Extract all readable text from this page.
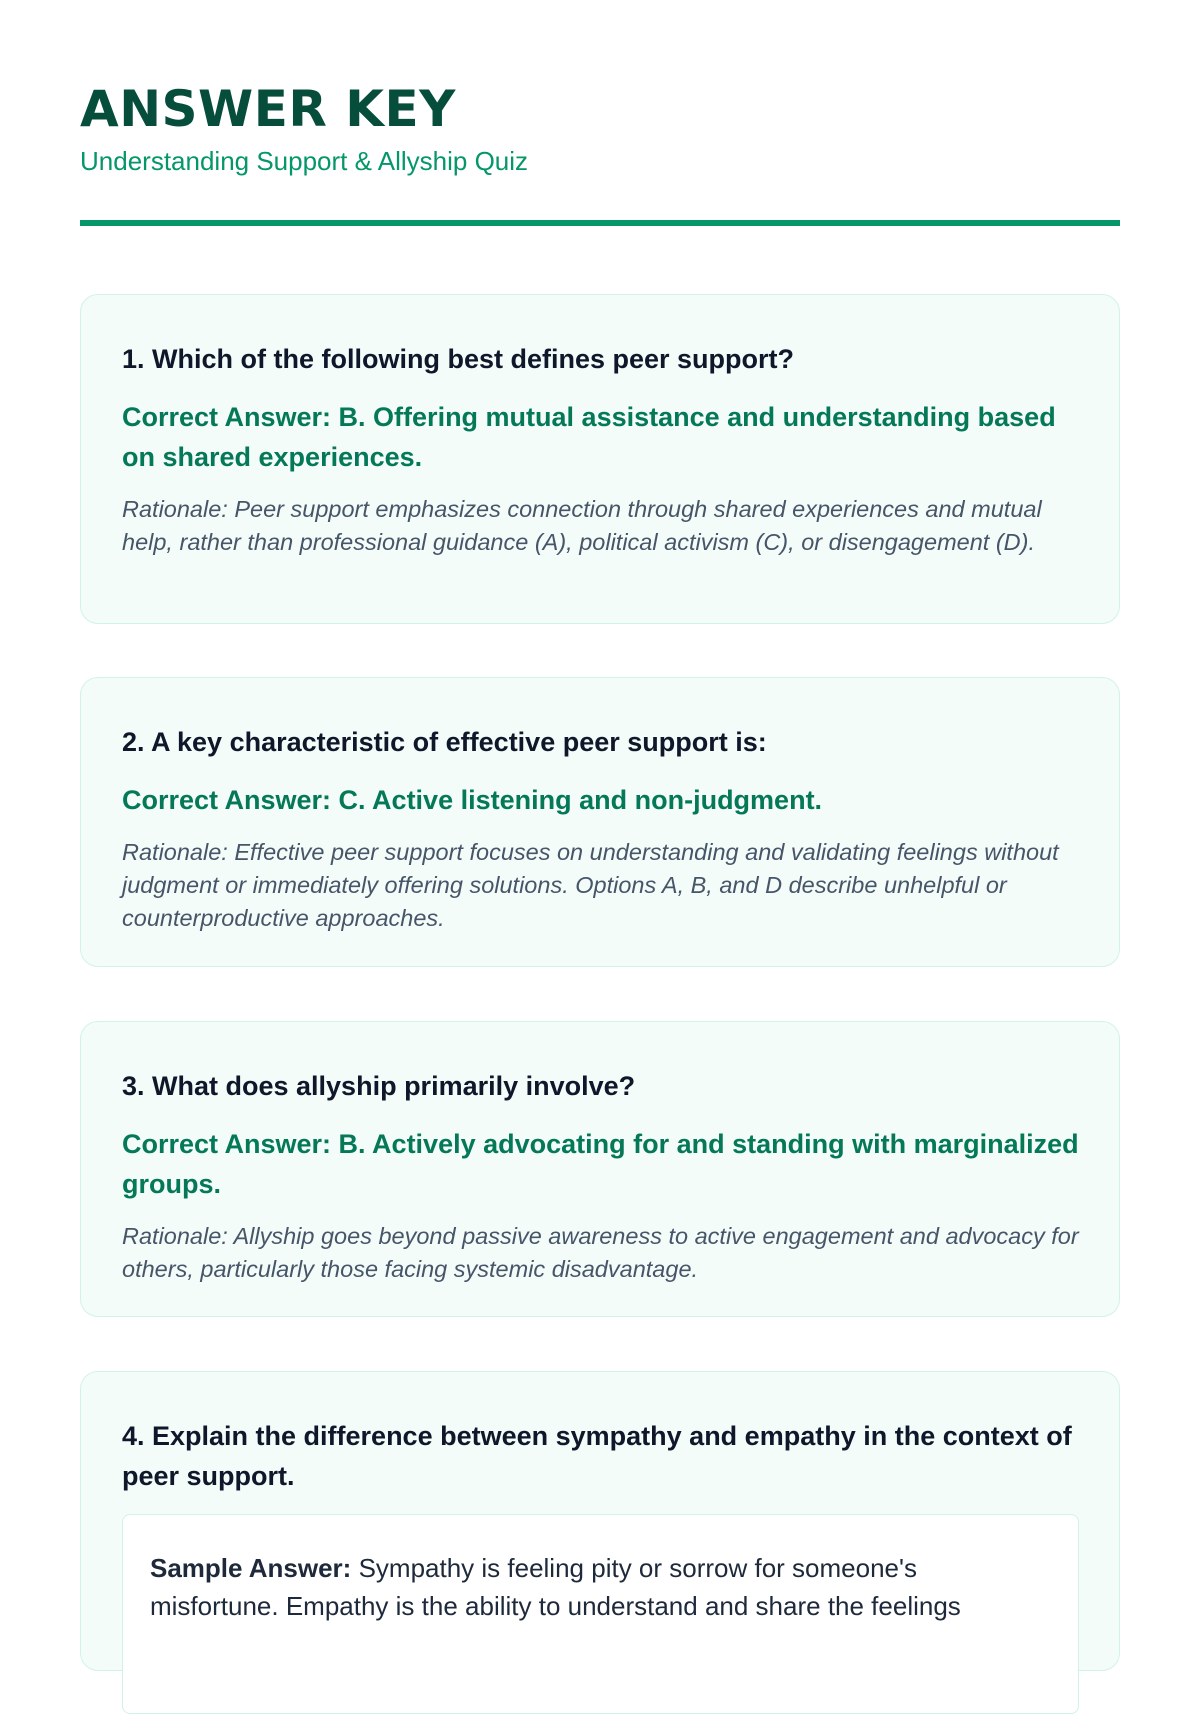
ANSWER KEY
Understanding Support & Allyship Quiz

1. Which of the following best defines peer support?

Correct Answer: B. Offering mutual assistance and understanding based on shared experiences.

Rationale: Peer support emphasizes connection through shared experiences and mutual help, rather than professional guidance (A), political activism (C), or disengagement (D).

2. A key characteristic of effective peer support is:

Correct Answer: C. Active listening and non-judgment.

Rationale: Effective peer support focuses on understanding and validating feelings without judgment or immediately offering solutions. Options A, B, and D describe unhelpful or counterproductive approaches.

3. What does allyship primarily involve?

Correct Answer: B. Actively advocating for and standing with marginalized groups.

Rationale: Allyship goes beyond passive awareness to active engagement and advocacy for others, particularly those facing systemic disadvantage.

4. Explain the difference between sympathy and empathy in the context of peer support.

Sample Answer: Sympathy is feeling pity or sorrow for someone's misfortune. Empathy is the ability to understand and share the feelings
